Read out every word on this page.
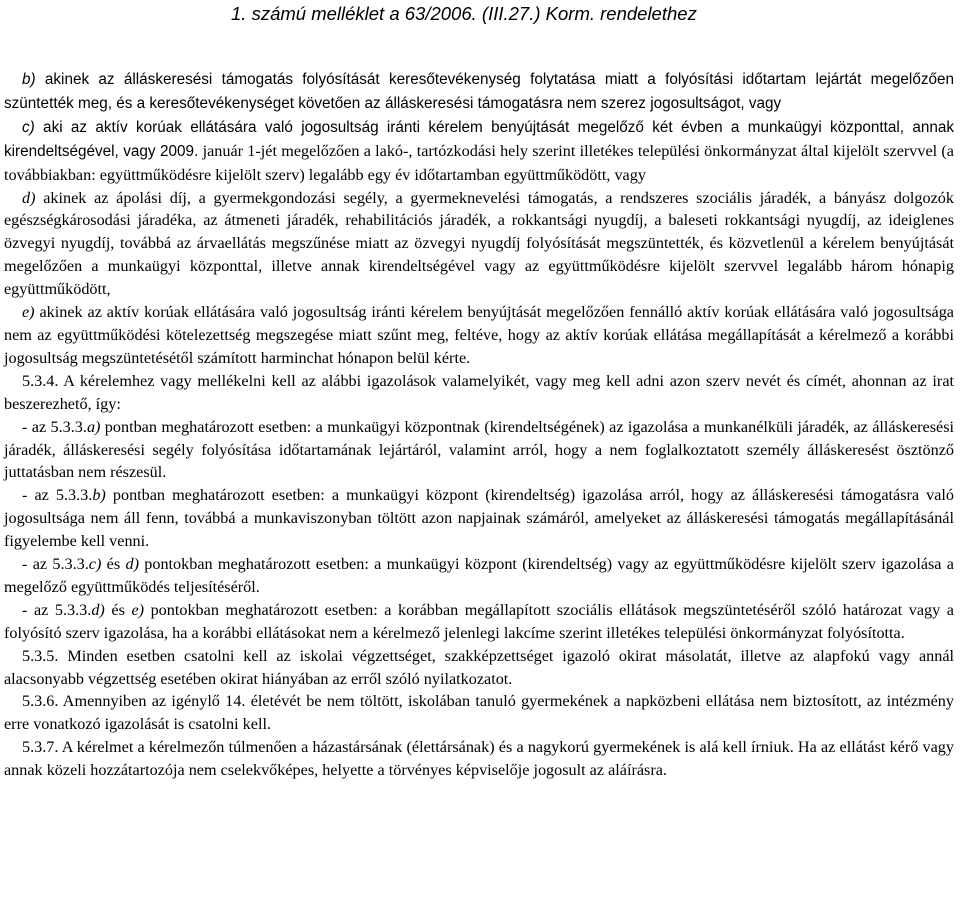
1. számú melléklet a 63/2006. (III.27.) Korm. rendelethez

b) akinek az álláskeresési támogatás folyósítását keresőtevékenység folytatása miatt a folyósítási időtartam lejártát megelőzően szüntették meg, és a keresőtevékenységet követően az álláskeresési támogatásra nem szerez jogosultságot, vagy

c) aki az aktív korúak ellátására való jogosultság iránti kérelem benyújtását megelőző két évben a munkaügyi központtal, annak kirendeltségével, vagy 2009. január 1-jét megelőzően a lakó-, tartózkodási hely szerint illetékes települési önkormányzat által kijelölt szervvel (a továbbiakban: együttműködésre kijelölt szerv) legalább egy év időtartamban együttműködött, vagy

d) akinek az ápolási díj, a gyermekgondozási segély, a gyermeknevelési támogatás, a rendszeres szociális járadék, a bányász dolgozók egészségkárosodási járadéka, az átmeneti járadék, rehabilitációs járadék, a rokkantsági nyugdíj, a baleseti rokkantsági nyugdíj, az ideiglenes özvegyi nyugdíj, továbbá az árvaellátás megszűnése miatt az özvegyi nyugdíj folyósítását megszüntették, és közvetlenül a kérelem benyújtását megelőzően a munkaügyi központtal, illetve annak kirendeltségével vagy az együttműködésre kijelölt szervvel legalább három hónapig együttműködött,

e) akinek az aktív korúak ellátására való jogosultság iránti kérelem benyújtását megelőzően fennálló aktív korúak ellátására való jogosultsága nem az együttműködési kötelezettség megszegése miatt szűnt meg, feltéve, hogy az aktív korúak ellátása megállapítását a kérelmező a korábbi jogosultság megszüntetésétől számított harminchat hónapon belül kérte.

5.3.4. A kérelemhez vagy mellékelni kell az alábbi igazolások valamelyikét, vagy meg kell adni azon szerv nevét és címét, ahonnan az irat beszerezhető, így:

- az 5.3.3.a) pontban meghatározott esetben: a munkaügyi központnak (kirendeltségének) az igazolása a munkanélküli járadék, az álláskeresési járadék, álláskeresési segély folyósítása időtartamának lejártáról, valamint arról, hogy a nem foglalkoztatott személy álláskeresést ösztönző juttatásban nem részesül.

- az 5.3.3.b) pontban meghatározott esetben: a munkaügyi központ (kirendeltség) igazolása arról, hogy az álláskeresési támogatásra való jogosultsága nem áll fenn, továbbá a munkaviszonyban töltött azon napjainak számáról, amelyeket az álláskeresési támogatás megállapításánál figyelembe kell venni.

- az 5.3.3.c) és d) pontokban meghatározott esetben: a munkaügyi központ (kirendeltség) vagy az együttműködésre kijelölt szerv igazolása a megelőző együttműködés teljesítéséről.

- az 5.3.3.d) és e) pontokban meghatározott esetben: a korábban megállapított szociális ellátások megszüntetéséről szóló határozat vagy a folyósító szerv igazolása, ha a korábbi ellátásokat nem a kérelmező jelenlegi lakcíme szerint illetékes települési önkormányzat folyósította.

5.3.5. Minden esetben csatolni kell az iskolai végzettséget, szakképzettséget igazoló okirat másolatát, illetve az alapfokú vagy annál alacsonyabb végzettség esetében okirat hiányában az erről szóló nyilatkozatot.

5.3.6. Amennyiben az igénylő 14. életévét be nem töltött, iskolában tanuló gyermekének a napközbeni ellátása nem biztosított, az intézmény erre vonatkozó igazolását is csatolni kell.

5.3.7. A kérelmet a kérelmezőn túlmenően a házastársának (élettársának) és a nagykorú gyermekének is alá kell írniuk. Ha az ellátást kérő vagy annak közeli hozzátartozója nem cselekvőképes, helyette a törvényes képviselője jogosult az aláírásra.
